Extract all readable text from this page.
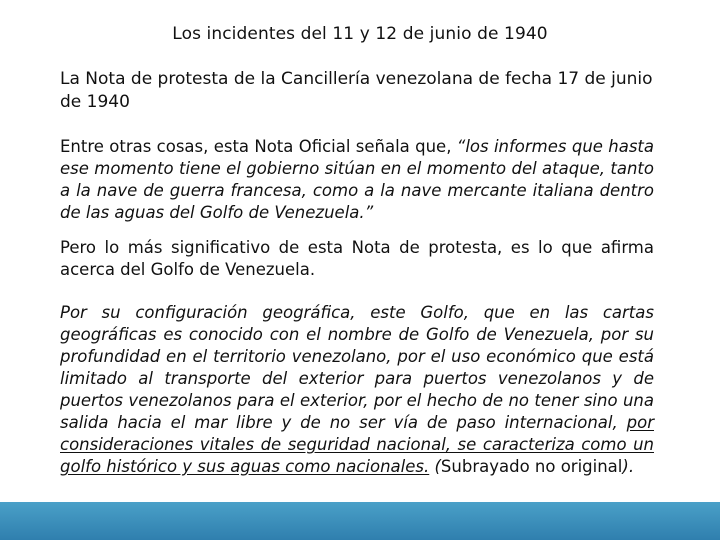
Los incidentes del 11 y 12 de junio de 1940
La Nota de protesta de la Cancillería venezolana de fecha 17 de junio de 1940
Entre otras cosas, esta Nota Oficial señala que, “los informes que hasta ese momento tiene el gobierno sitúan en el momento del ataque, tanto a la nave de guerra francesa, como a la nave mercante italiana dentro de las aguas del Golfo de Venezuela.”
Pero lo más significativo de esta Nota de protesta, es lo que afirma acerca del Golfo de Venezuela.
Por su configuración geográfica, este Golfo, que en las cartas geográficas es conocido con el nombre de Golfo de Venezuela, por su profundidad en el territorio venezolano, por el uso económico que está limitado al transporte del exterior para puertos venezolanos y de puertos venezolanos para el exterior, por el hecho de no tener sino una salida hacia el mar libre y de no ser vía de paso internacional, por consideraciones vitales de seguridad nacional, se caracteriza como un golfo histórico y sus aguas como nacionales. (Subrayado no original).
